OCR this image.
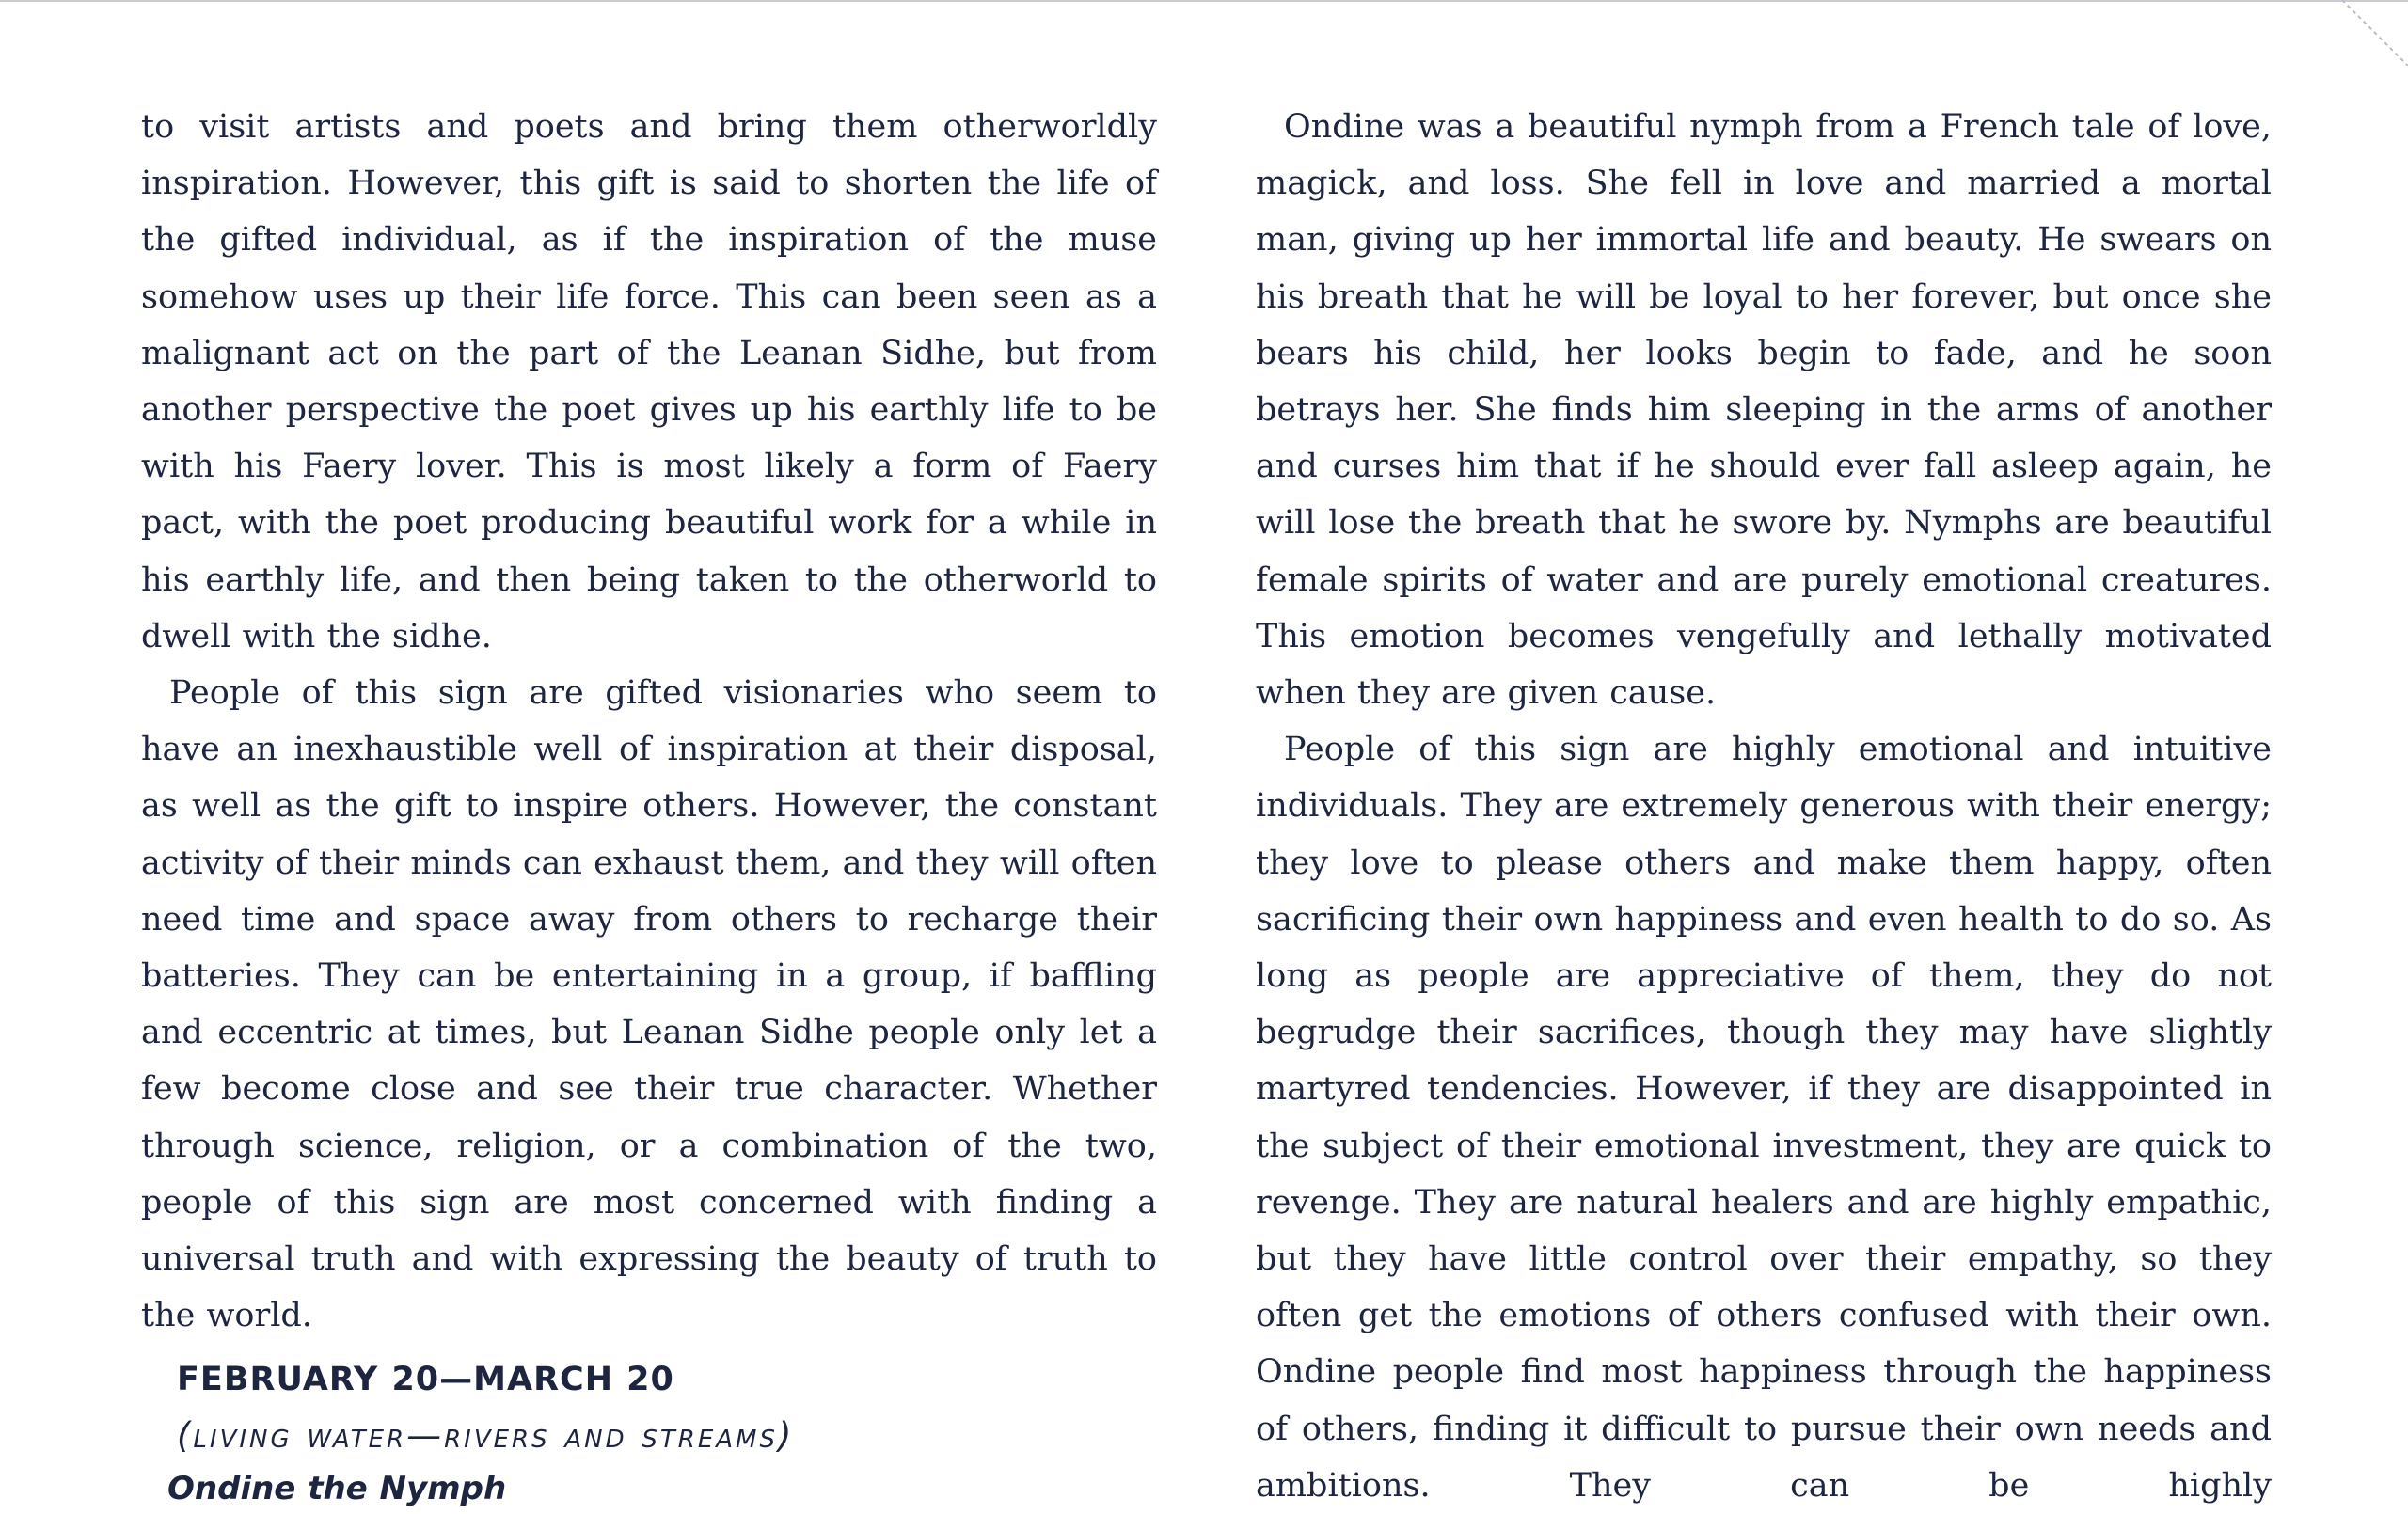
to visit artists and poets and bring them otherworldly inspiration. However, this gift is said to shorten the life of the gifted individual, as if the inspiration of the muse somehow uses up their life force. This can been seen as a malignant act on the part of the Leanan Sidhe, but from another perspective the poet gives up his earthly life to be with his Faery lover. This is most likely a form of Faery pact, with the poet producing beautiful work for a while in his earthly life, and then being taken to the otherworld to dwell with the sidhe.

People of this sign are gifted visionaries who seem to have an inexhaustible well of inspiration at their disposal, as well as the gift to inspire others. However, the constant activity of their minds can exhaust them, and they will often need time and space away from others to recharge their batteries. They can be entertaining in a group, if baffling and eccentric at times, but Leanan Sidhe people only let a few become close and see their true character. Whether through science, religion, or a combination of the two, people of this sign are most concerned with finding a universal truth and with expressing the beauty of truth to the world.

FEBRUARY 20—MARCH 20
(living water—rivers and streams)
Ondine the Nymph

Ondine was a beautiful nymph from a French tale of love, magick, and loss. She fell in love and married a mortal man, giving up her immortal life and beauty. He swears on his breath that he will be loyal to her forever, but once she bears his child, her looks begin to fade, and he soon betrays her. She finds him sleeping in the arms of another and curses him that if he should ever fall asleep again, he will lose the breath that he swore by. Nymphs are beautiful female spirits of water and are purely emotional creatures. This emotion becomes vengefully and lethally motivated when they are given cause.

People of this sign are highly emotional and intuitive individuals. They are extremely generous with their energy; they love to please others and make them happy, often sacrificing their own happiness and even health to do so. As long as people are appreciative of them, they do not begrudge their sacrifices, though they may have slightly martyred tendencies. However, if they are disappointed in the subject of their emotional investment, they are quick to revenge. They are natural healers and are highly empathic, but they have little control over their empathy, so they often get the emotions of others confused with their own. Ondine people find most happiness through the happiness of others, finding it difficult to pursue their own needs and ambitions. They can be highly
